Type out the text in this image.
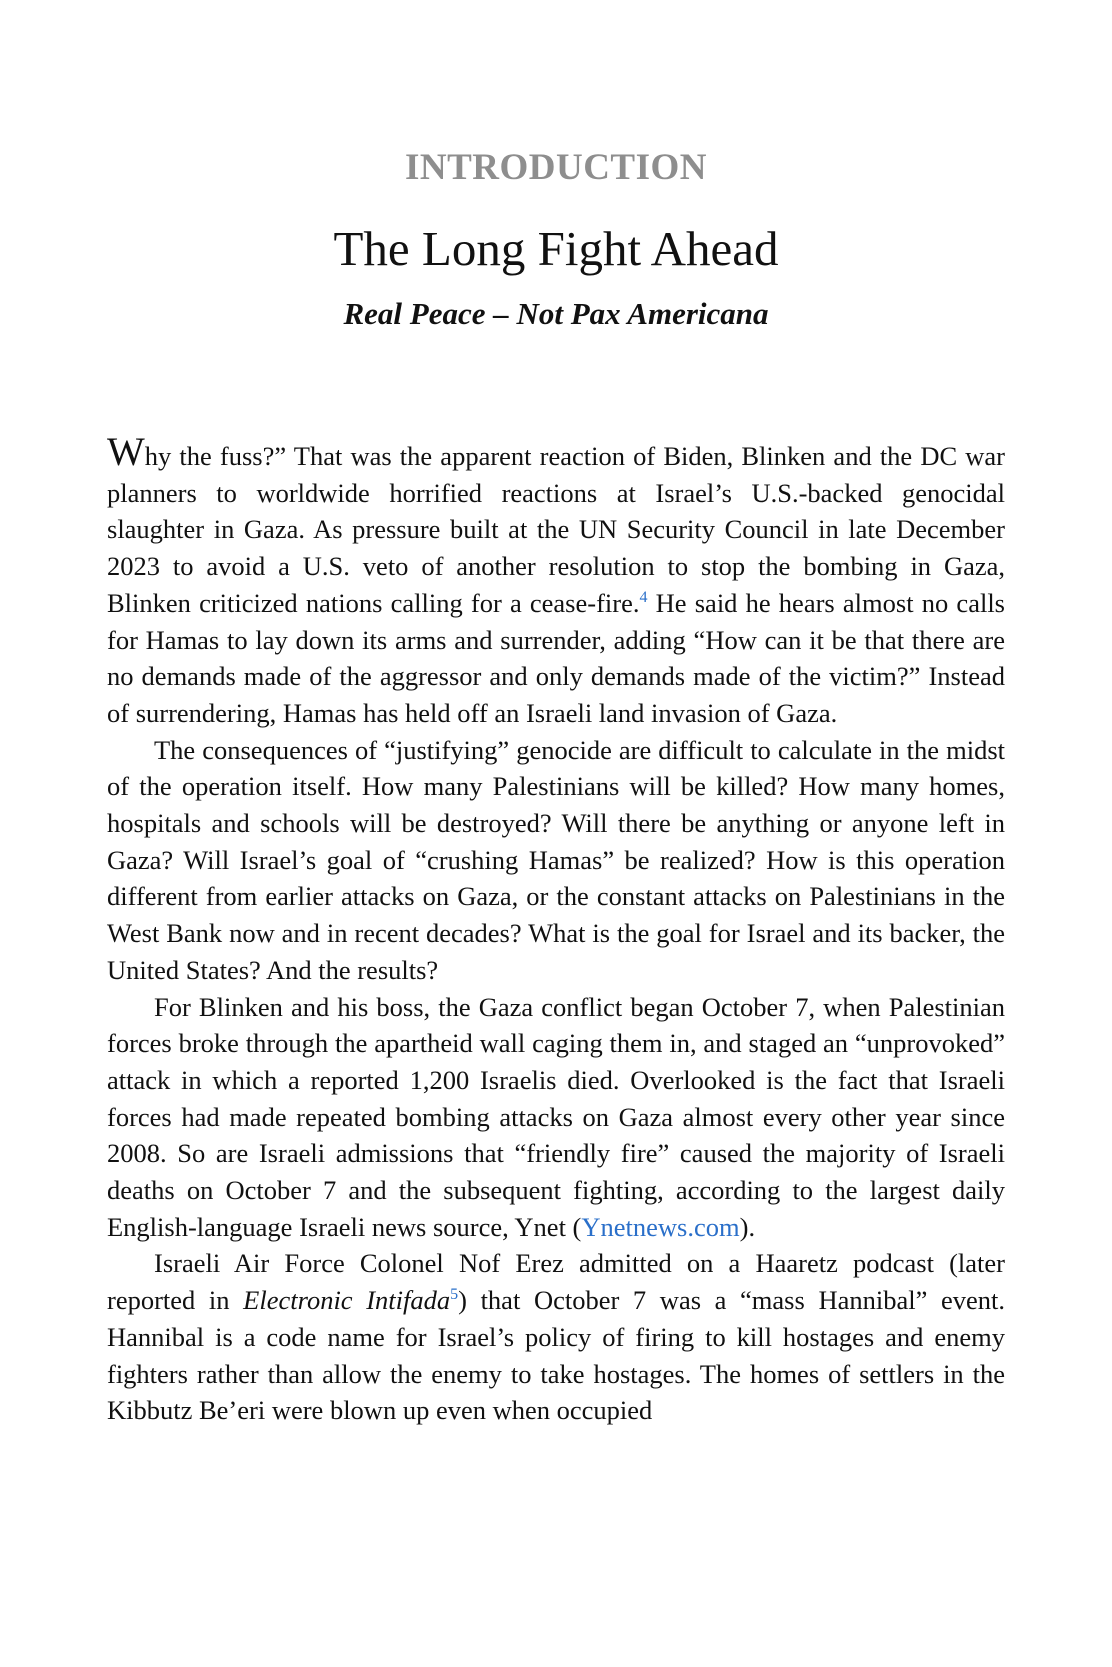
INTRODUCTION
The Long Fight Ahead
Real Peace – Not Pax Americana

Why the fuss?” That was the apparent reaction of Biden, Blinken and the DC war planners to worldwide horrified reactions at Israel’s U.S.-backed genocidal slaughter in Gaza. As pressure built at the UN Security Council in late December 2023 to avoid a U.S. veto of another resolution to stop the bombing in Gaza, Blinken criticized nations calling for a cease-fire.$^4$ He said he hears almost no calls for Hamas to lay down its arms and surrender, adding “How can it be that there are no demands made of the aggressor and only demands made of the victim?” Instead of surrendering, Hamas has held off an Israeli land invasion of Gaza.

The consequences of “justifying” genocide are difficult to calculate in the midst of the operation itself. How many Palestinians will be killed? How many homes, hospitals and schools will be destroyed? Will there be anything or anyone left in Gaza? Will Israel’s goal of “crushing Hamas” be realized? How is this operation different from earlier attacks on Gaza, or the constant attacks on Palestinians in the West Bank now and in recent decades? What is the goal for Israel and its backer, the United States? And the results?

For Blinken and his boss, the Gaza conflict began October 7, when Palestinian forces broke through the apartheid wall caging them in, and staged an “unprovoked” attack in which a reported 1,200 Israelis died. Overlooked is the fact that Israeli forces had made repeated bombing attacks on Gaza almost every other year since 2008. So are Israeli admissions that “friendly fire” caused the majority of Israeli deaths on October 7 and the subsequent fighting, according to the largest daily English-language Israeli news source, Ynet (Ynetnews.com).

Israeli Air Force Colonel Nof Erez admitted on a Haaretz podcast (later reported in Electronic Intifada$^5$) that October 7 was a “mass Hannibal” event. Hannibal is a code name for Israel’s policy of firing to kill hostages and enemy fighters rather than allow the enemy to take hostages. The homes of settlers in the Kibbutz Be’eri were blown up even when occupied
